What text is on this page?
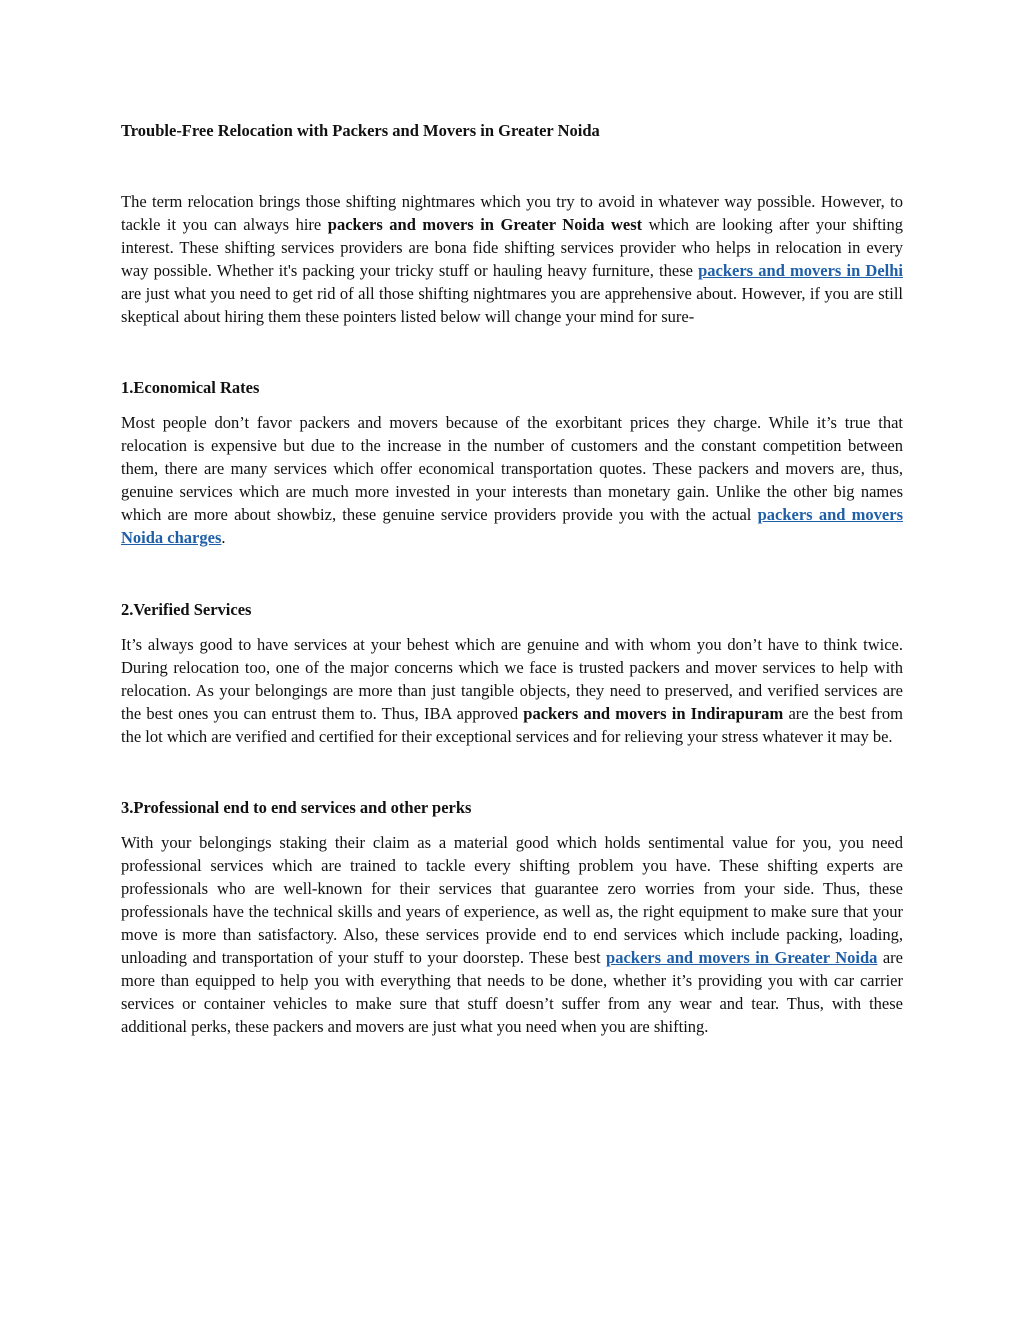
Trouble-Free Relocation with Packers and Movers in Greater Noida

The term relocation brings those shifting nightmares which you try to avoid in whatever way possible. However, to tackle it you can always hire packers and movers in Greater Noida west which are looking after your shifting interest. These shifting services providers are bona fide shifting services provider who helps in relocation in every way possible. Whether it's packing your tricky stuff or hauling heavy furniture, these packers and movers in Delhi are just what you need to get rid of all those shifting nightmares you are apprehensive about. However, if you are still skeptical about hiring them these pointers listed below will change your mind for sure-

1.Economical Rates

Most people don’t favor packers and movers because of the exorbitant prices they charge. While it’s true that relocation is expensive but due to the increase in the number of customers and the constant competition between them, there are many services which offer economical transportation quotes. These packers and movers are, thus, genuine services which are much more invested in your interests than monetary gain. Unlike the other big names which are more about showbiz, these genuine service providers provide you with the actual packers and movers Noida charges.

2.Verified Services

It’s always good to have services at your behest which are genuine and with whom you don’t have to think twice. During relocation too, one of the major concerns which we face is trusted packers and mover services to help with relocation. As your belongings are more than just tangible objects, they need to preserved, and verified services are the best ones you can entrust them to. Thus, IBA approved packers and movers in Indirapuram are the best from the lot which are verified and certified for their exceptional services and for relieving your stress whatever it may be.

3.Professional end to end services and other perks

With your belongings staking their claim as a material good which holds sentimental value for you, you need professional services which are trained to tackle every shifting problem you have. These shifting experts are professionals who are well-known for their services that guarantee zero worries from your side. Thus, these professionals have the technical skills and years of experience, as well as, the right equipment to make sure that your move is more than satisfactory. Also, these services provide end to end services which include packing, loading, unloading and transportation of your stuff to your doorstep. These best packers and movers in Greater Noida are more than equipped to help you with everything that needs to be done, whether it’s providing you with car carrier services or container vehicles to make sure that stuff doesn’t suffer from any wear and tear. Thus, with these additional perks, these packers and movers are just what you need when you are shifting.
